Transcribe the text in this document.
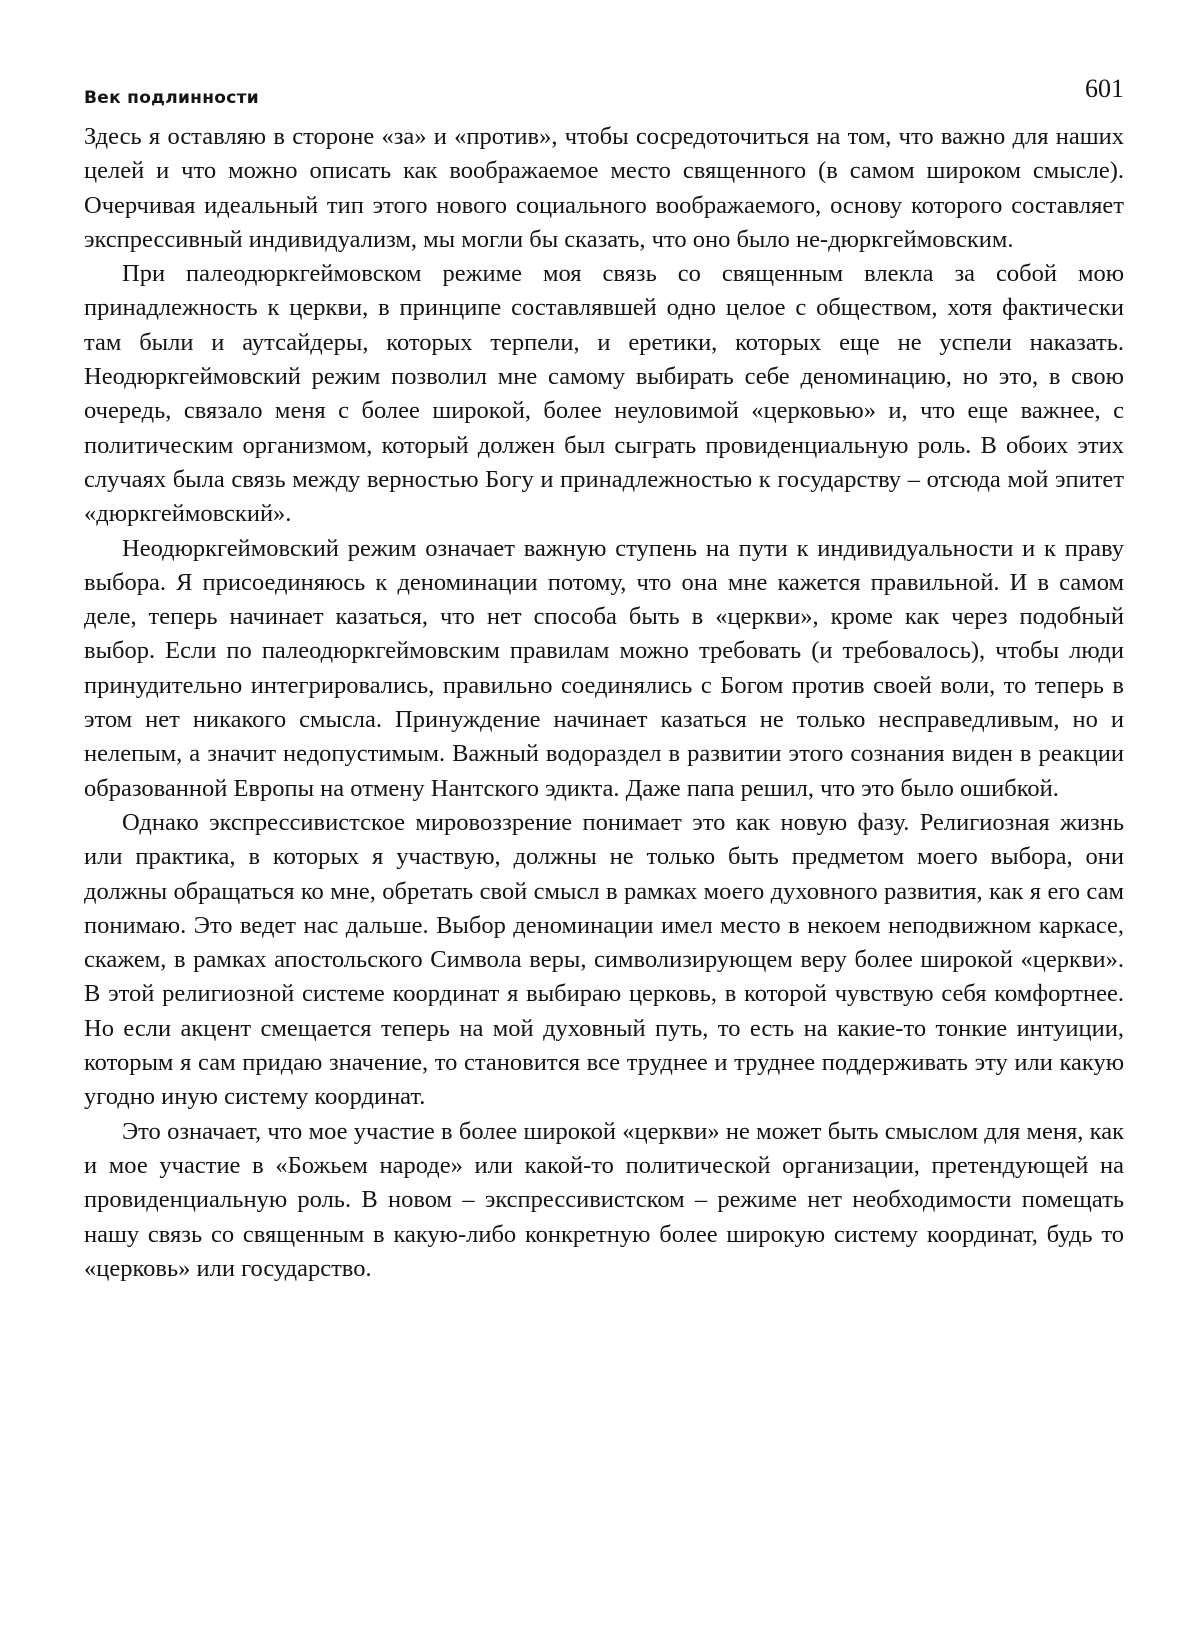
Век подлинности	601

Здесь я оставляю в стороне «за» и «против», чтобы сосредоточиться на том, что важно для наших целей и что можно описать как воображаемое место священного (в самом широком смысле). Очерчивая идеальный тип этого нового социального воображаемого, основу которого составляет экспрессивный индивидуализм, мы могли бы сказать, что оно было не-дюркгеймовским.

При палеодюркгеймовском режиме моя связь со священным влекла за собой мою принадлежность к церкви, в принципе составлявшей одно целое с обществом, хотя фактически там были и аутсайдеры, которых терпели, и еретики, которых еще не успели наказать. Неодюркгеймовский режим позволил мне самому выбирать себе деноминацию, но это, в свою очередь, связало меня с более широкой, более неуловимой «церковью» и, что еще важнее, с политическим организмом, который должен был сыграть провиденциальную роль. В обоих этих случаях была связь между верностью Богу и принадлежностью к государству – отсюда мой эпитет «дюркгеймовский».

Неодюркгеймовский режим означает важную ступень на пути к индивидуальности и к праву выбора. Я присоединяюсь к деноминации потому, что она мне кажется правильной. И в самом деле, теперь начинает казаться, что нет способа быть в «церкви», кроме как через подобный выбор. Если по палеодюркгеймовским правилам можно требовать (и требовалось), чтобы люди принудительно интегрировались, правильно соединялись с Богом против своей воли, то теперь в этом нет никакого смысла. Принуждение начинает казаться не только несправедливым, но и нелепым, а значит недопустимым. Важный водораздел в развитии этого сознания виден в реакции образованной Европы на отмену Нантского эдикта. Даже папа решил, что это было ошибкой.

Однако экспрессивистское мировоззрение понимает это как новую фазу. Религиозная жизнь или практика, в которых я участвую, должны не только быть предметом моего выбора, они должны обращаться ко мне, обретать свой смысл в рамках моего духовного развития, как я его сам понимаю. Это ведет нас дальше. Выбор деноминации имел место в некоем неподвижном каркасе, скажем, в рамках апостольского Символа веры, символизирующем веру более широкой «церкви». В этой религиозной системе координат я выбираю церковь, в которой чувствую себя комфортнее. Но если акцент смещается теперь на мой духовный путь, то есть на какие-то тонкие интуиции, которым я сам придаю значение, то становится все труднее и труднее поддерживать эту или какую угодно иную систему координат.

Это означает, что мое участие в более широкой «церкви» не может быть смыслом для меня, как и мое участие в «Божьем народе» или какой-то политической организации, претендующей на провиденциальную роль. В новом – экспрессивистском – режиме нет необходимости помещать нашу связь со священным в какую-либо конкретную более широкую систему координат, будь то «церковь» или государство.
